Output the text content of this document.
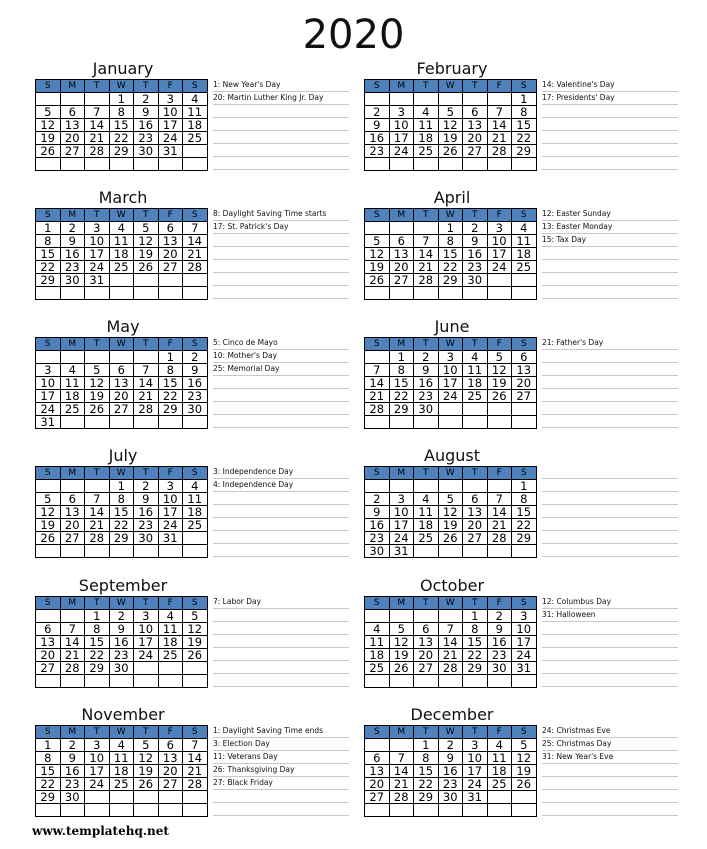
2020
January
S	M	T	W	T	F	S
			1	2	3	4
5	6	7	8	9	10	11
12	13	14	15	16	17	18
19	20	21	22	23	24	25
26	27	28	29	30	31	

1: New Year's Day
20: Martin Luther King Jr. Day
February
S	M	T	W	T	F	S
						1
2	3	4	5	6	7	8
9	10	11	12	13	14	15
16	17	18	19	20	21	22
23	24	25	26	27	28	29

14: Valentine's Day
17: Presidents' Day
March
S	M	T	W	T	F	S
1	2	3	4	5	6	7
8	9	10	11	12	13	14
15	16	17	18	19	20	21
22	23	24	25	26	27	28
29	30	31				

8: Daylight Saving Time starts
17: St. Patrick's Day
April
S	M	T	W	T	F	S
			1	2	3	4
5	6	7	8	9	10	11
12	13	14	15	16	17	18
19	20	21	22	23	24	25
26	27	28	29	30		

12: Easter Sunday
13: Easter Monday
15: Tax Day
May
S	M	T	W	T	F	S
					1	2
3	4	5	6	7	8	9
10	11	12	13	14	15	16
17	18	19	20	21	22	23
24	25	26	27	28	29	30
31						
5: Cinco de Mayo
10: Mother's Day
25: Memorial Day
June
S	M	T	W	T	F	S
	1	2	3	4	5	6
7	8	9	10	11	12	13
14	15	16	17	18	19	20
21	22	23	24	25	26	27
28	29	30				

21: Father's Day
July
S	M	T	W	T	F	S
			1	2	3	4
5	6	7	8	9	10	11
12	13	14	15	16	17	18
19	20	21	22	23	24	25
26	27	28	29	30	31	

3: Independence Day
4: Independence Day
August
S	M	T	W	T	F	S
						1
2	3	4	5	6	7	8
9	10	11	12	13	14	15
16	17	18	19	20	21	22
23	24	25	26	27	28	29
30	31					
September
S	M	T	W	T	F	S
		1	2	3	4	5
6	7	8	9	10	11	12
13	14	15	16	17	18	19
20	21	22	23	24	25	26
27	28	29	30			

7: Labor Day
October
S	M	T	W	T	F	S
				1	2	3
4	5	6	7	8	9	10
11	12	13	14	15	16	17
18	19	20	21	22	23	24
25	26	27	28	29	30	31

12: Columbus Day
31: Halloween
November
S	M	T	W	T	F	S
1	2	3	4	5	6	7
8	9	10	11	12	13	14
15	16	17	18	19	20	21
22	23	24	25	26	27	28
29	30					

1: Daylight Saving Time ends
3: Election Day
11: Veterans Day
26: Thanksgiving Day
27: Black Friday
December
S	M	T	W	T	F	S
		1	2	3	4	5
6	7	8	9	10	11	12
13	14	15	16	17	18	19
20	21	22	23	24	25	26
27	28	29	30	31		

24: Christmas Eve
25: Christmas Day
31: New Year's Eve
www.templatehq.net
